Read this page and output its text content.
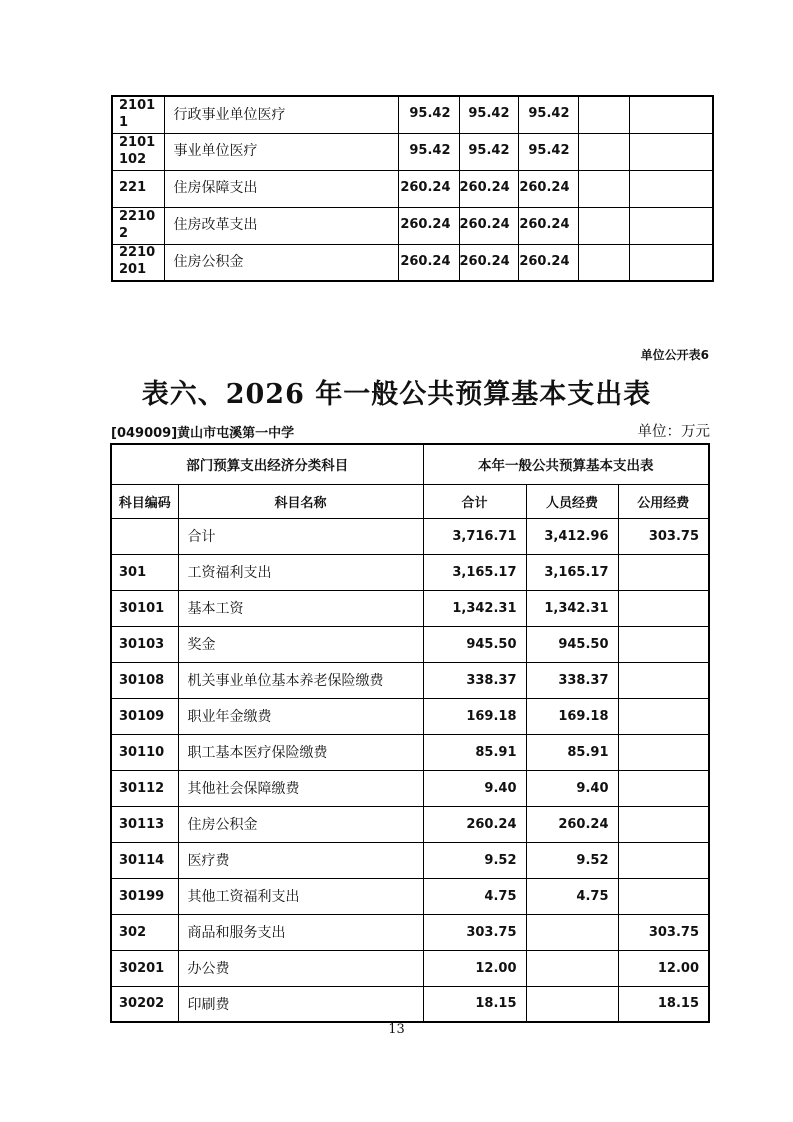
21011	行政事业单位医疗	95.42	95.42	95.42		
2101102	事业单位医疗	95.42	95.42	95.42		
221	住房保障支出	260.24	260.24	260.24		
22102	住房改革支出	260.24	260.24	260.24		
2210201	住房公积金	260.24	260.24	260.24		
单位公开表6
表六、2026 年一般公共预算基本支出表
[049009]黄山市屯溪第一中学	单位：万元
部门预算支出经济分类科目		本年一般公共预算基本支出表		
科目编码	科目名称	合计	人员经费	公用经费
	合计	3,716.71	3,412.96	303.75
301	工资福利支出	3,165.17	3,165.17	
30101	基本工资	1,342.31	1,342.31	
30103	奖金	945.50	945.50	
30108	机关事业单位基本养老保险缴费	338.37	338.37	
30109	职业年金缴费	169.18	169.18	
30110	职工基本医疗保险缴费	85.91	85.91	
30112	其他社会保障缴费	9.40	9.40	
30113	住房公积金	260.24	260.24	
30114	医疗费	9.52	9.52	
30199	其他工资福利支出	4.75	4.75	
302	商品和服务支出	303.75		303.75
30201	办公费	12.00		12.00
30202	印刷费	18.15		18.15
13
